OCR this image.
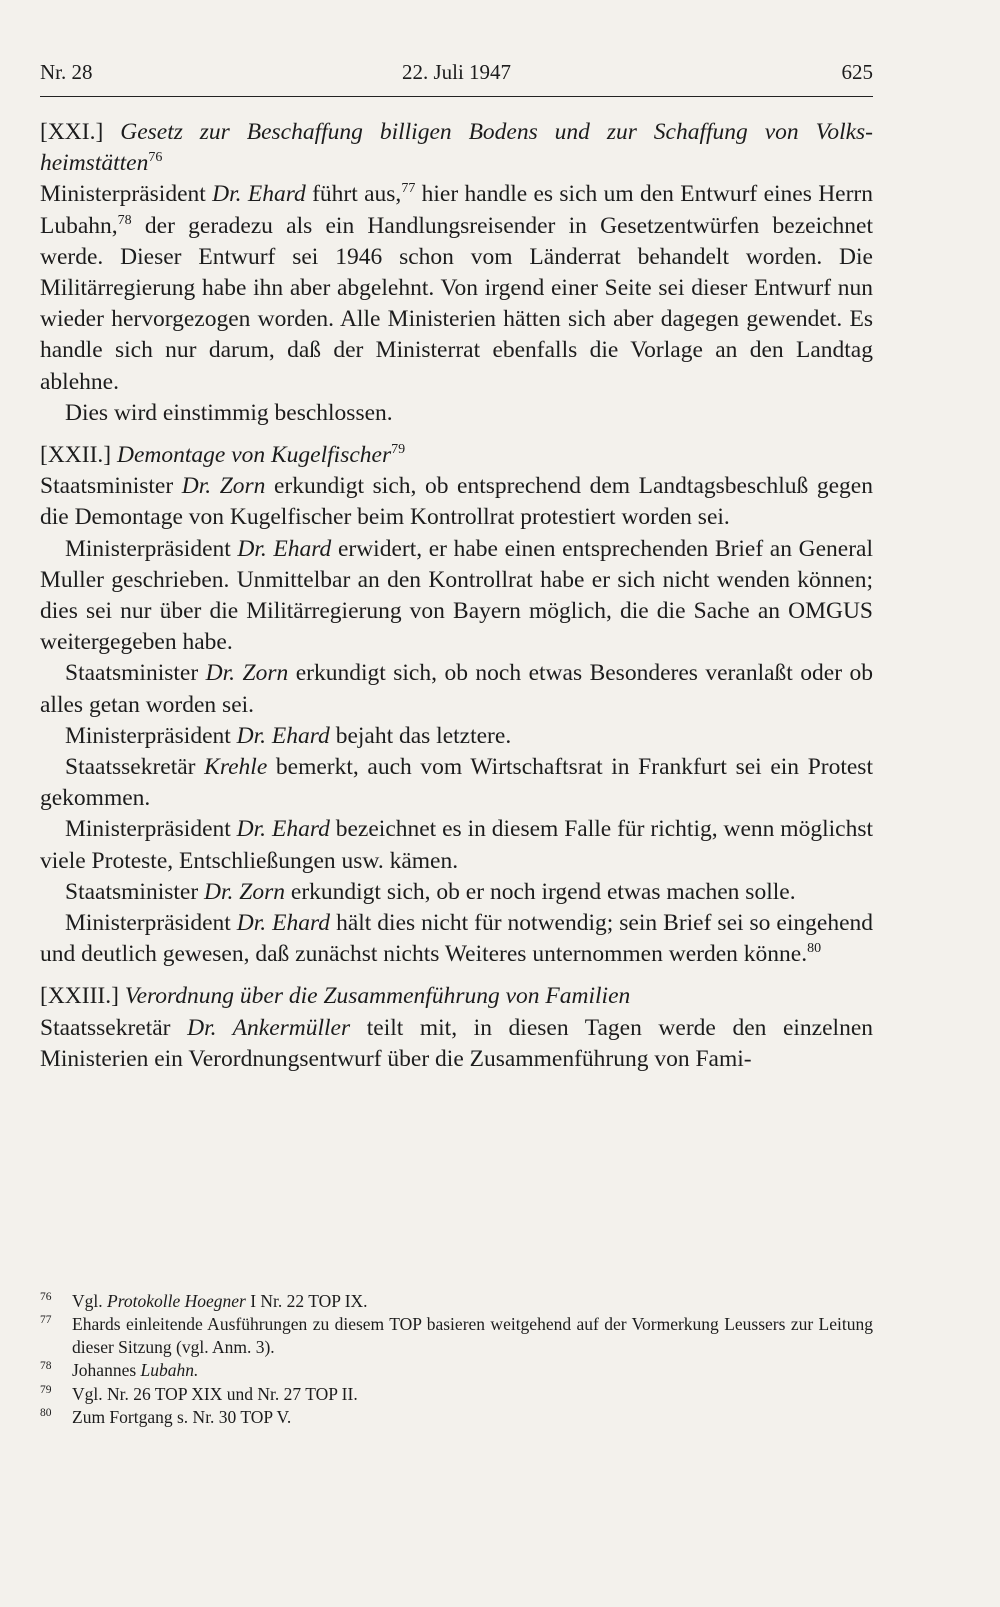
Nr. 28	22. Juli 1947	625

[XXI.] Gesetz zur Beschaffung billigen Bodens und zur Schaffung von Volks-heimstätten$^{76}$

Ministerpräsident Dr. Ehard führt aus,$^{77}$ hier handle es sich um den Entwurf eines Herrn Lubahn,$^{78}$ der geradezu als ein Handlungsreisender in Gesetzentwürfen bezeichnet werde. Dieser Entwurf sei 1946 schon vom Länderrat behandelt worden. Die Militärregierung habe ihn aber abgelehnt. Von irgend einer Seite sei dieser Entwurf nun wieder hervorgezogen worden. Alle Ministerien hätten sich aber dagegen gewendet. Es handle sich nur darum, daß der Ministerrat ebenfalls die Vorlage an den Landtag ablehne.

Dies wird einstimmig beschlossen.

[XXII.] Demontage von Kugelfischer$^{79}$

Staatsminister Dr. Zorn erkundigt sich, ob entsprechend dem Landtagsbeschluß gegen die Demontage von Kugelfischer beim Kontrollrat protestiert worden sei.

Ministerpräsident Dr. Ehard erwidert, er habe einen entsprechenden Brief an General Muller geschrieben. Unmittelbar an den Kontrollrat habe er sich nicht wenden können; dies sei nur über die Militärregierung von Bayern möglich, die die Sache an OMGUS weitergegeben habe.

Staatsminister Dr. Zorn erkundigt sich, ob noch etwas Besonderes veranlaßt oder ob alles getan worden sei.

Ministerpräsident Dr. Ehard bejaht das letztere.

Staatssekretär Krehle bemerkt, auch vom Wirtschaftsrat in Frankfurt sei ein Protest gekommen.

Ministerpräsident Dr. Ehard bezeichnet es in diesem Falle für richtig, wenn möglichst viele Proteste, Entschließungen usw. kämen.

Staatsminister Dr. Zorn erkundigt sich, ob er noch irgend etwas machen solle.

Ministerpräsident Dr. Ehard hält dies nicht für notwendig; sein Brief sei so eingehend und deutlich gewesen, daß zunächst nichts Weiteres unternommen werden könne.$^{80}$

[XXIII.] Verordnung über die Zusammenführung von Familien

Staatssekretär Dr. Ankermüller teilt mit, in diesen Tagen werde den einzelnen Ministerien ein Verordnungsentwurf über die Zusammenführung von Fami-

76 Vgl. Protokolle Hoegner I Nr. 22 TOP IX.

77 Ehards einleitende Ausführungen zu diesem TOP basieren weitgehend auf der Vormerkung Leussers zur Leitung dieser Sitzung (vgl. Anm. 3).

78 Johannes Lubahn.

79 Vgl. Nr. 26 TOP XIX und Nr. 27 TOP II.

80 Zum Fortgang s. Nr. 30 TOP V.
